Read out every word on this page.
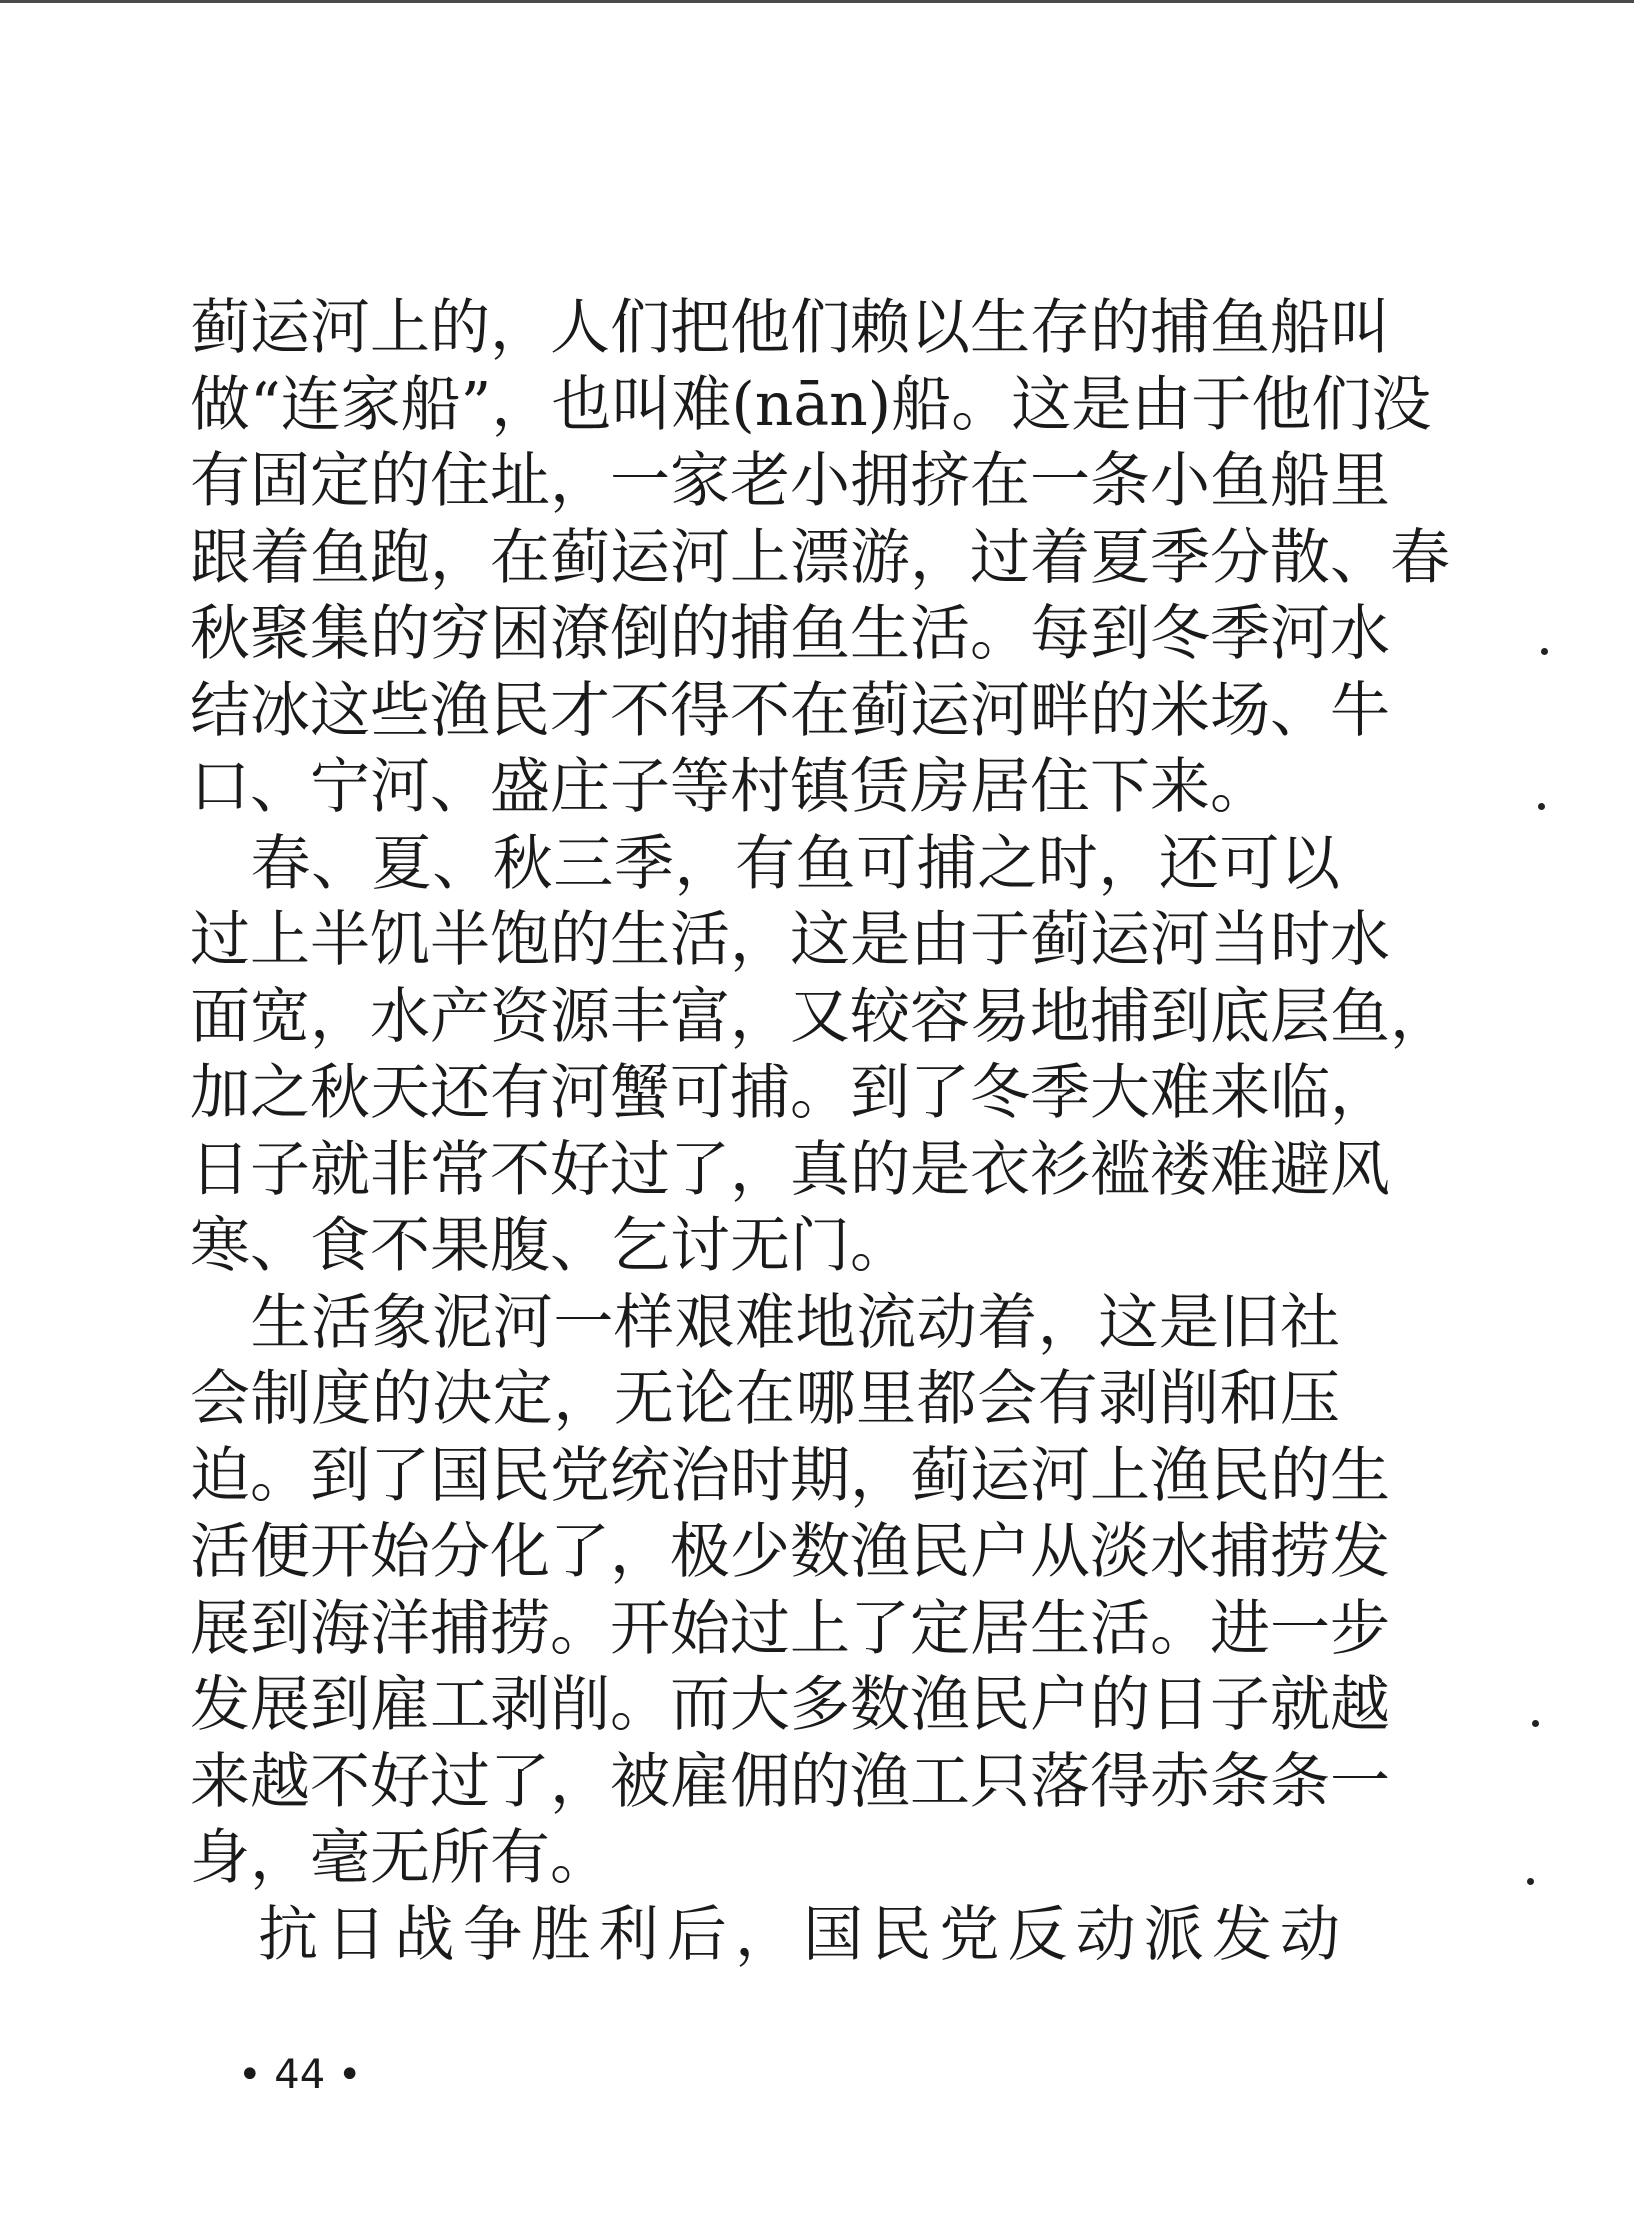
蓟运河上的，人们把他们赖以生存的捕鱼船叫
做“连家船”，也叫难(nān)船。这是由于他们没
有固定的住址，一家老小拥挤在一条小鱼船里
跟着鱼跑，在蓟运河上漂游，过着夏季分散、春
秋聚集的穷困潦倒的捕鱼生活。每到冬季河水
结冰这些渔民才不得不在蓟运河畔的米场、牛
口、宁河、盛庄子等村镇赁房居住下来。
　春、夏、秋三季，有鱼可捕之时，还可以
过上半饥半饱的生活，这是由于蓟运河当时水
面宽，水产资源丰富，又较容易地捕到底层鱼，
加之秋天还有河蟹可捕。到了冬季大难来临，
日子就非常不好过了，真的是衣衫褴褛难避风
寒、食不果腹、乞讨无门。
　生活象泥河一样艰难地流动着，这是旧社
会制度的决定，无论在哪里都会有剥削和压
迫。到了国民党统治时期，蓟运河上渔民的生
活便开始分化了，极少数渔民户从淡水捕捞发
展到海洋捕捞。开始过上了定居生活。进一步
发展到雇工剥削。而大多数渔民户的日子就越
来越不好过了，被雇佣的渔工只落得赤条条一
身，毫无所有。
　抗日战争胜利后，国民党反动派发动
• 44 •
